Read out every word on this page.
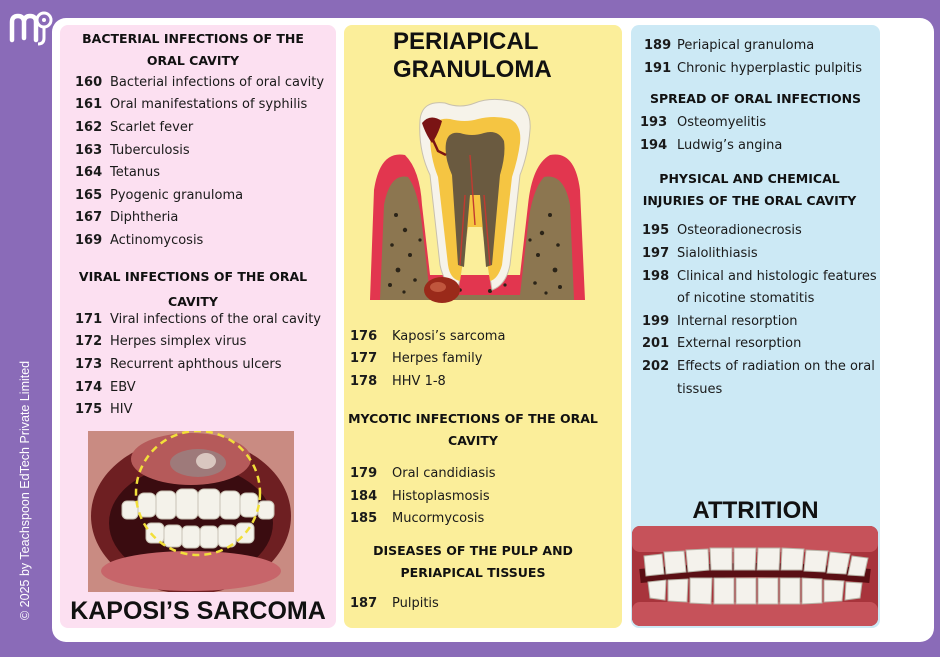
© 2025 by Teachspoon EdTech Private Limited
BACTERIAL INFECTIONS OF THE
ORAL CAVITY
160 Bacterial infections of oral cavity
161 Oral manifestations of syphilis
162 Scarlet fever
163 Tuberculosis
164 Tetanus
165 Pyogenic granuloma
167 Diphtheria
169 Actinomycosis
VIRAL INFECTIONS OF THE ORAL
CAVITY
171 Viral infections of the oral cavity
172 Herpes simplex virus
173 Recurrent aphthous ulcers
174 EBV
175 HIV
KAPOSI’S SARCOMA
PERIAPICAL
GRANULOMA
176 Kaposi’s sarcoma
177 Herpes family
178 HHV 1-8
MYCOTIC INFECTIONS OF THE ORAL
CAVITY
179 Oral candidiasis
184 Histoplasmosis
185 Mucormycosis
DISEASES OF THE PULP AND
PERIAPICAL TISSUES
187 Pulpitis
189 Periapical granuloma
191 Chronic hyperplastic pulpitis
SPREAD OF ORAL INFECTIONS
193 Osteomyelitis
194 Ludwig’s angina
PHYSICAL AND CHEMICAL
INJURIES OF THE ORAL CAVITY
195 Osteoradionecrosis
197 Sialolithiasis
198 Clinical and histologic features
of nicotine stomatitis
199 Internal resorption
201 External resorption
202 Effects of radiation on the oral
tissues
ATTRITION
